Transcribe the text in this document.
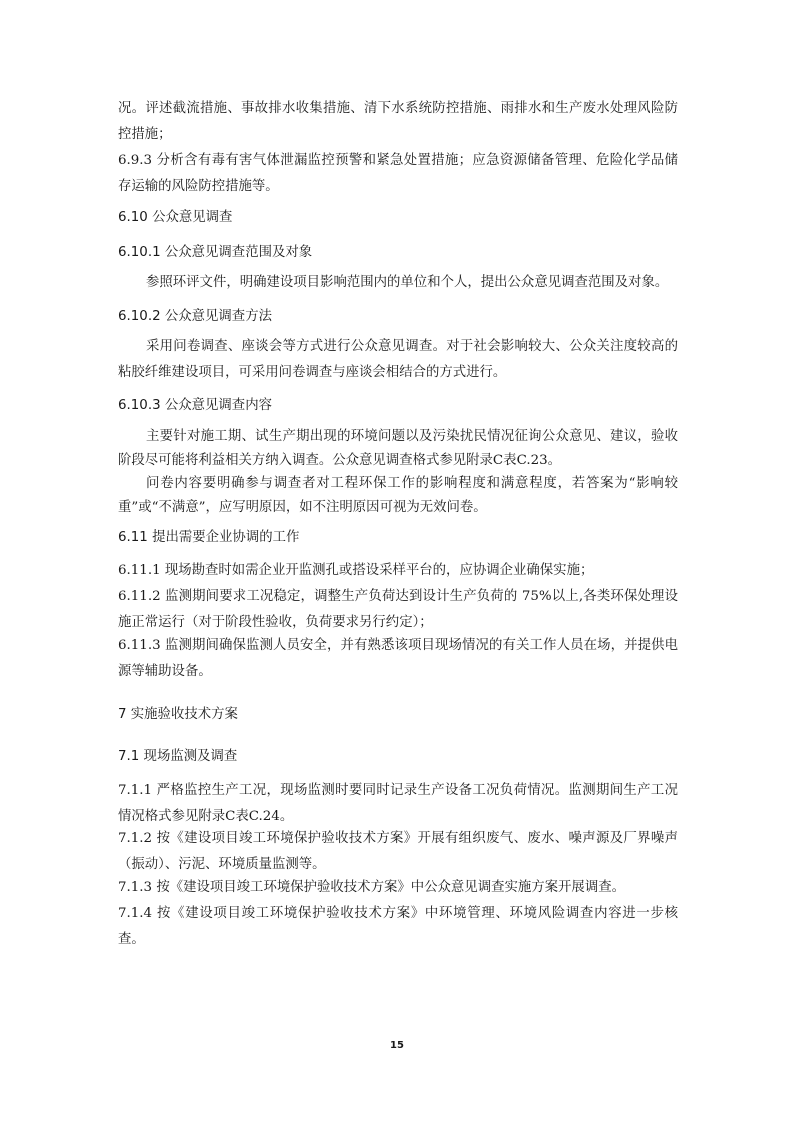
况。评述截流措施、事故排水收集措施、清下水系统防控措施、雨排水和生产废水处理风险防控措施；

6.9.3 分析含有毒有害气体泄漏监控预警和紧急处置措施；应急资源储备管理、危险化学品储存运输的风险防控措施等。

6.10 公众意见调查

6.10.1 公众意见调查范围及对象

参照环评文件，明确建设项目影响范围内的单位和个人，提出公众意见调查范围及对象。

6.10.2 公众意见调查方法

采用问卷调查、座谈会等方式进行公众意见调查。对于社会影响较大、公众关注度较高的粘胶纤维建设项目，可采用问卷调查与座谈会相结合的方式进行。

6.10.3 公众意见调查内容

主要针对施工期、试生产期出现的环境问题以及污染扰民情况征询公众意见、建议，验收阶段尽可能将利益相关方纳入调查。公众意见调查格式参见附录C表C.23。

问卷内容要明确参与调查者对工程环保工作的影响程度和满意程度，若答案为“影响较重”或“不满意”，应写明原因，如不注明原因可视为无效问卷。

6.11 提出需要企业协调的工作

6.11.1 现场勘查时如需企业开监测孔或搭设采样平台的，应协调企业确保实施；

6.11.2 监测期间要求工况稳定，调整生产负荷达到设计生产负荷的 75%以上,各类环保处理设施正常运行（对于阶段性验收，负荷要求另行约定）；

6.11.3 监测期间确保监测人员安全，并有熟悉该项目现场情况的有关工作人员在场，并提供电源等辅助设备。

7 实施验收技术方案

7.1 现场监测及调查

7.1.1 严格监控生产工况，现场监测时要同时记录生产设备工况负荷情况。监测期间生产工况情况格式参见附录C表C.24。

7.1.2 按《建设项目竣工环境保护验收技术方案》开展有组织废气、废水、噪声源及厂界噪声（振动）、污泥、环境质量监测等。

7.1.3 按《建设项目竣工环境保护验收技术方案》中公众意见调查实施方案开展调查。

7.1.4 按《建设项目竣工环境保护验收技术方案》中环境管理、环境风险调查内容进一步核查。

15
